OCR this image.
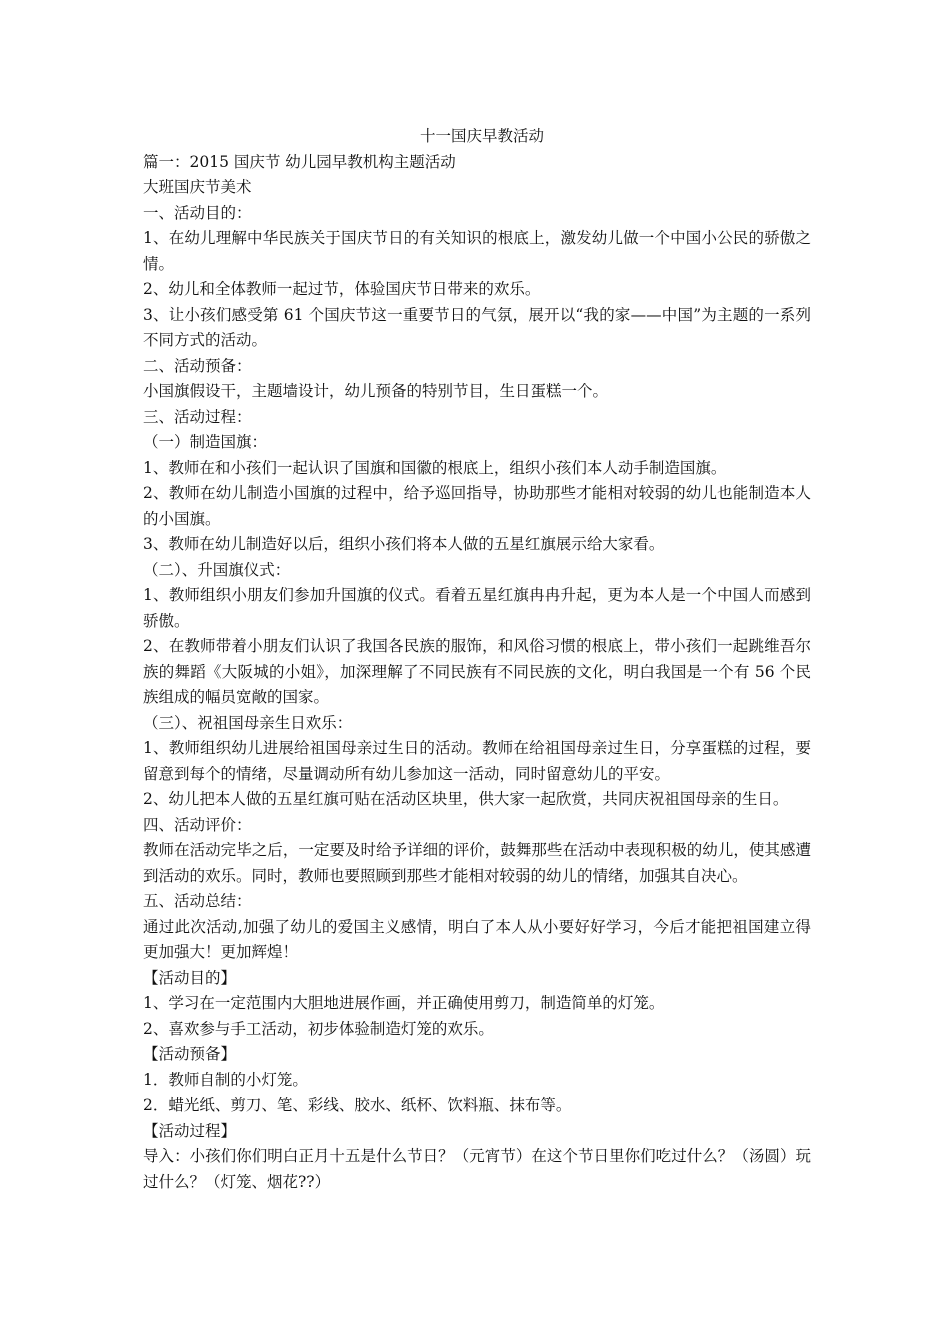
十一国庆早教活动

篇一：2015 国庆节 幼儿园早教机构主题活动

大班国庆节美术

一、活动目的：

1、在幼儿理解中华民族关于国庆节日的有关知识的根底上，激发幼儿做一个中国小公民的骄傲之情。

2、幼儿和全体教师一起过节，体验国庆节日带来的欢乐。

3、让小孩们感受第 61 个国庆节这一重要节日的气氛，展开以“我的家——中国”为主题的一系列不同方式的活动。

二、活动预备：

小国旗假设干，主题墙设计，幼儿预备的特别节目，生日蛋糕一个。

三、活动过程：

（一）制造国旗：

1、教师在和小孩们一起认识了国旗和国徽的根底上，组织小孩们本人动手制造国旗。

2、教师在幼儿制造小国旗的过程中，给予巡回指导，协助那些才能相对较弱的幼儿也能制造本人的小国旗。

3、教师在幼儿制造好以后，组织小孩们将本人做的五星红旗展示给大家看。

（二）、升国旗仪式：

1、教师组织小朋友们参加升国旗的仪式。看着五星红旗冉冉升起，更为本人是一个中国人而感到骄傲。

2、在教师带着小朋友们认识了我国各民族的服饰，和风俗习惯的根底上，带小孩们一起跳维吾尔族的舞蹈《大阪城的小姐》，加深理解了不同民族有不同民族的文化，明白我国是一个有 56 个民族组成的幅员宽敞的国家。

（三）、祝祖国母亲生日欢乐：

1、教师组织幼儿进展给祖国母亲过生日的活动。教师在给祖国母亲过生日，分享蛋糕的过程，要留意到每个的情绪，尽量调动所有幼儿参加这一活动，同时留意幼儿的平安。

2、幼儿把本人做的五星红旗可贴在活动区块里，供大家一起欣赏，共同庆祝祖国母亲的生日。

四、活动评价：

教师在活动完毕之后，一定要及时给予详细的评价，鼓舞那些在活动中表现积极的幼儿，使其感遭到活动的欢乐。同时，教师也要照顾到那些才能相对较弱的幼儿的情绪，加强其自决心。

五、活动总结：

通过此次活动,加强了幼儿的爱国主义感情，明白了本人从小要好好学习，今后才能把祖国建立得更加强大！更加辉煌！

【活动目的】

1、学习在一定范围内大胆地进展作画，并正确使用剪刀，制造简单的灯笼。

2、喜欢参与手工活动，初步体验制造灯笼的欢乐。

【活动预备】

1．教师自制的小灯笼。

2．蜡光纸、剪刀、笔、彩线、胶水、纸杯、饮料瓶、抹布等。

【活动过程】

导入：小孩们你们明白正月十五是什么节日？（元宵节）在这个节日里你们吃过什么？（汤圆）玩过什么？（灯笼、烟花??）
